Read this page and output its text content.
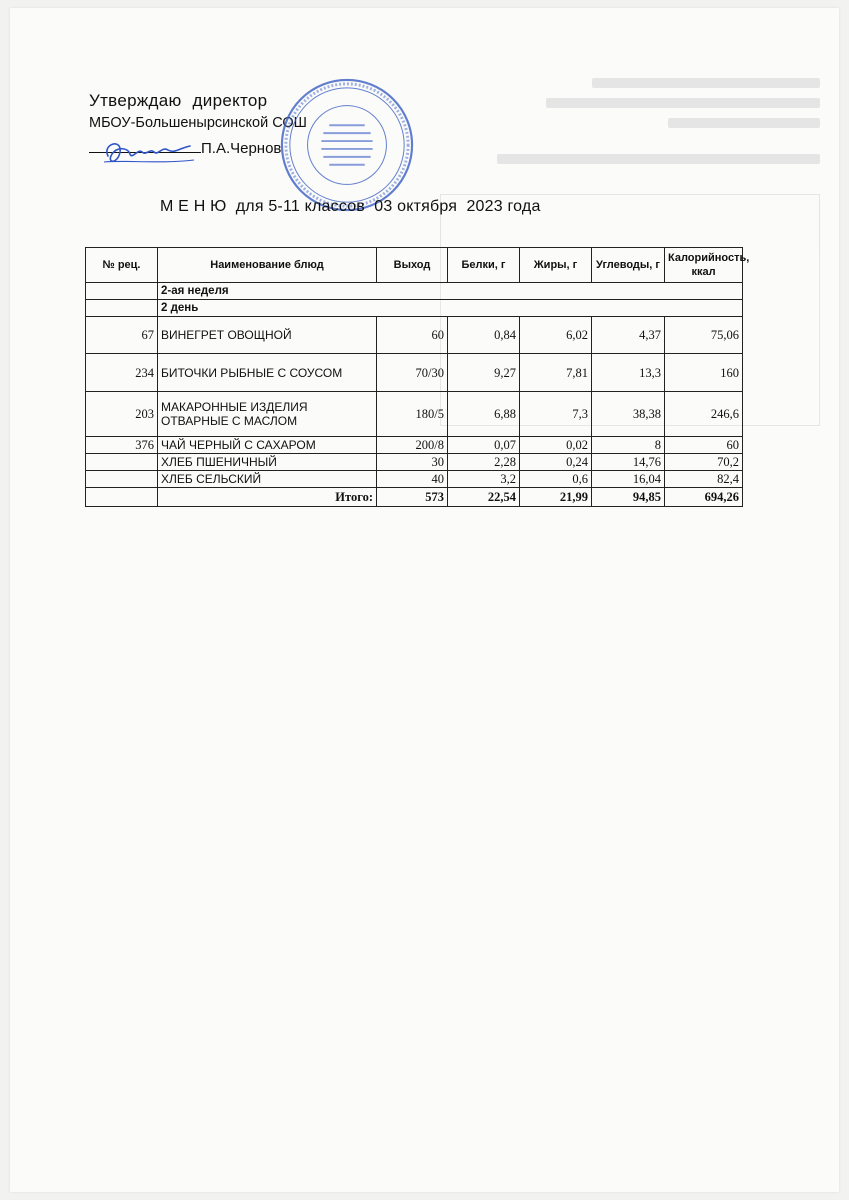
Утверждаю директор
МБОУ-Большенырсинской СОШ
П.А.Чернов
М Е Н Ю  для 5-11 классов  03 октября  2023 года
№ рец.	Наименование блюд	Выход	Белки, г	Жиры, г	Углеводы, г	Калорийность, ккал
	2-ая неделя					
	2 день					
67	ВИНЕГРЕТ ОВОЩНОЙ	60	0,84	6,02	4,37	75,06
234	БИТОЧКИ РЫБНЫЕ С СОУСОМ	70/30	9,27	7,81	13,3	160
203	МАКАРОННЫЕ ИЗДЕЛИЯ ОТВАРНЫЕ С МАСЛОМ	180/5	6,88	7,3	38,38	246,6
376	ЧАЙ ЧЕРНЫЙ С САХАРОМ	200/8	0,07	0,02	8	60
	ХЛЕБ ПШЕНИЧНЫЙ	30	2,28	0,24	14,76	70,2
	ХЛЕБ СЕЛЬСКИЙ	40	3,2	0,6	16,04	82,4
	Итого:	573	22,54	21,99	94,85	694,26
